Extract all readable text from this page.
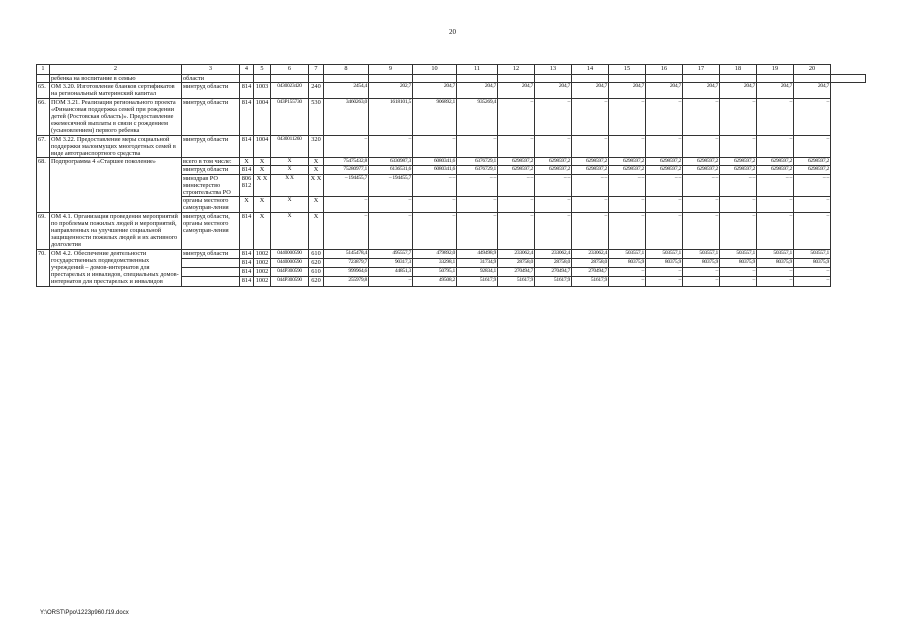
20
1	2	3	4	5	6	7	8	9	10	11	12	13	14	15	16	17	18	19	20	
	ребенка на воспитание в семью	области																		
65.	ОМ 3.20. Изготовление бланков сертификатов на региональный материнский капитал	минтруд области	814	1003	0430023420	240	2454,4	202,7	204,7	204,7	204,7	204,7	204,7	204,7	204,7	204,7	204,7	204,7	204,7	
66.	ПОМ 3.21. Реализация регионального проекта «Финансовая поддержка семей при рождении детей (Ростовская область)». Предоставление ежемесячной выплаты в связи с рождением (усыновлением) первого ребенка	минтруд области	814	1004	043P155730	530	3460263,0	1618101,5	906892,1	935269,4	–	–	–	–	–	–	–	–	–	
67.	ОМ 3.22. Предоставление меры социальной поддержки малоимущих многодетных семей в виде автотранспортного средства	минтруд области	814	1004	0430011260	320	–	–	–	–	–	–	–	–	–	–	–	–	–	
68.	Подпрограмма 4 «Старшее поколение»	всего в том числе:	Х	Х	Х	Х	75475432,8	6330987,3	6080341,6	6376729,1	6298597,2	6298597,2	6298597,2	6298597,2	6298597,2	6298597,2	6298597,2	6298597,2	6298597,2	
		минтруд области	814	Х	Х	Х	75280977,1	6136531,6	6080341,6	6376729,1	6298597,2	6298597,2	6298597,2	6298597,2	6298597,2	6298597,2	6298597,2	6298597,2	6298597,2	
		минздрав РО министерство строительства РО	806 812	Х Х	Х Х	Х Х	– 194455,7	– 194455,7	– –	– –	– –	– –	– –	– –	– –	– –	– –	– –	– –	
		органы местного самоуправ-ления	Х	Х	Х	Х	–	–	–	–	–	–	–	–	–	–	–	–	–	
69.	ОМ 4.1. Организация проведения мероприятий по проблемам пожилых людей и мероприятий, направленных на улучшение социальной защищенности пожилых людей и их активного долголетия	минтруд области, органы местного самоуправ-ления	814	Х	Х	Х	–	–	–	–	–	–	–	–	–	–	–	–	–	
70.	ОМ 4.2. Обеспечение деятельности государственных подведомственных учреждений – домов-интернатов для престарелых и инвалидов, специальных домов-интернатов для престарелых и инвалидов	минтруд области	814	1002	0440000590	610	5145478,4	495557,7	479892,0	449498,9	233062,4	233062,4	233062,4	503557,1	503557,1	503557,1	503557,1	503557,1	503557,1	
			814	1002	0440000590	620	723879,7	90317,3	33298,1	31734,9	28758,0	28758,0	28758,0	80375,9	80375,9	80375,9	80375,9	80375,9	80375,9	
			814	1002	044P300590	610	999964,6	44851,3	50795,1	92834,1	270494,7	270494,7	270494,7	–	–	–	–	–	–	
			814	1002	044P300590	620	255979,8	–	49508,2	51617,9	51617,9	51617,9	51617,9	–	–	–	–	–	–	
Y:\ORST\Ppo\1223p960.f19.docx
